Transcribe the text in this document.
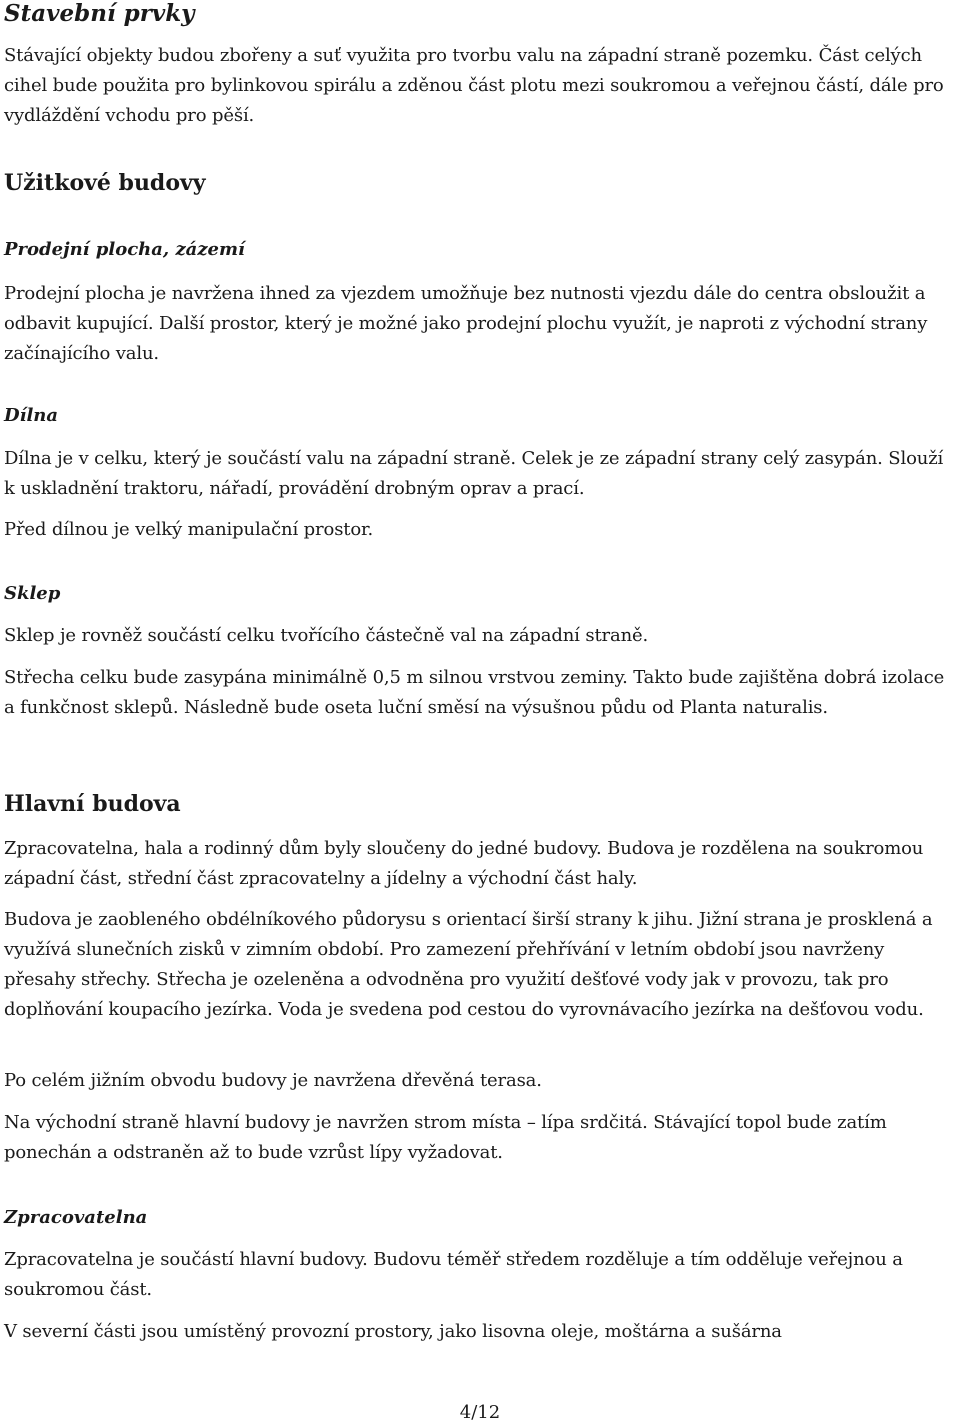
Stavební prvky

Stávající objekty budou zbořeny a suť využita pro tvorbu valu na západní straně pozemku. Část celých cihel bude použita pro bylinkovou spirálu a zděnou část plotu mezi soukromou a veřejnou částí, dále pro vydláždění vchodu pro pěší.

Užitkové budovy
Prodejní plocha, zázemí

Prodejní plocha je navržena ihned za vjezdem umožňuje bez nutnosti vjezdu dále do centra obsloužit a odbavit kupující. Další prostor, který je možné jako prodejní plochu využít, je naproti z východní strany začínajícího valu.

Dílna

Dílna je v celku, který je součástí valu na západní straně. Celek je ze západní strany celý zasypán. Slouží k uskladnění traktoru, nářadí, provádění drobným oprav a prací.

Před dílnou je velký manipulační prostor.

Sklep

Sklep je rovněž součástí celku tvořícího částečně val na západní straně.

Střecha celku bude zasypána minimálně 0,5 m silnou vrstvou zeminy. Takto bude zajištěna dobrá izolace a funkčnost sklepů. Následně bude oseta luční směsí na výsušnou půdu od Planta naturalis.

Hlavní budova

Zpracovatelna, hala a rodinný dům byly sloučeny do jedné budovy. Budova je rozdělena na soukromou západní část, střední část zpracovatelny a jídelny a východní část haly.

Budova je zaobleného obdélníkového půdorysu s orientací širší strany k jihu. Jižní strana je prosklená a využívá slunečních zisků v zimním období. Pro zamezení přehřívání v letním období jsou navrženy přesahy střechy. Střecha je ozeleněna a odvodněna pro využití dešťové vody jak v provozu, tak pro doplňování koupacího jezírka. Voda je svedena pod cestou do vyrovnávacího jezírka na dešťovou vodu.

Po celém jižním obvodu budovy je navržena dřevěná terasa.

Na východní straně hlavní budovy je navržen strom místa – lípa srdčitá. Stávající topol bude zatím ponechán a odstraněn až to bude vzrůst lípy vyžadovat.

Zpracovatelna

Zpracovatelna je součástí hlavní budovy. Budovu téměř středem rozděluje a tím odděluje veřejnou a soukromou část.

V severní části jsou umístěný provozní prostory, jako lisovna oleje, moštárna a sušárna

4/12
